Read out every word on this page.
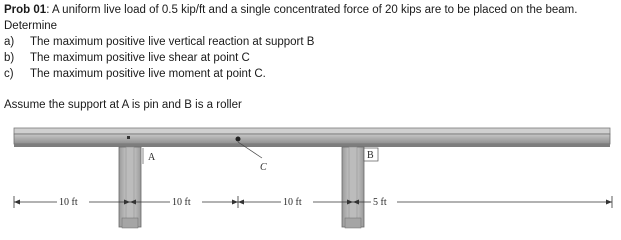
Prob 01: A uniform live load of 0.5 kip/ft and a single concentrated force of 20 kips are to be placed on the beam.
Determine
a)	The maximum positive live vertical reaction at support B
b)	The maximum positive live shear at point C
c)	The maximum positive live moment at point C.
Assume the support at A is pin and B is a roller
A
C
B
10 ft	10 ft	10 ft	5 ft
